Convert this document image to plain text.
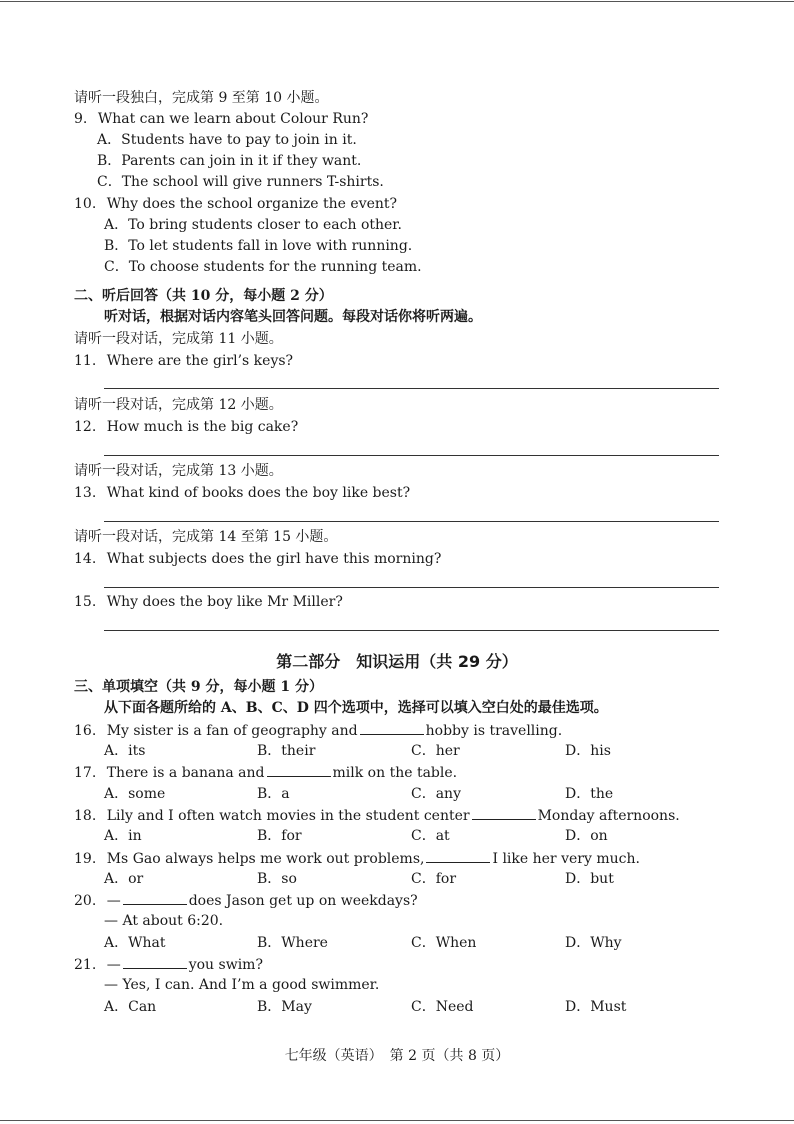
请听一段独白，完成第 9 至第 10 小题。
9. What can we learn about Colour Run?
A．Students have to pay to join in it.
B．Parents can join in it if they want.
C．The school will give runners T-shirts.
10. Why does the school organize the event?
A．To bring students closer to each other.
B．To let students fall in love with running.
C．To choose students for the running team.
二、听后回答（共 10 分，每小题 2 分）
听对话，根据对话内容笔头回答问题。每段对话你将听两遍。
请听一段对话，完成第 11 小题。
11. Where are the girl’s keys?
请听一段对话，完成第 12 小题。
12. How much is the big cake?
请听一段对话，完成第 13 小题。
13. What kind of books does the boy like best?
请听一段对话，完成第 14 至第 15 小题。
14. What subjects does the girl have this morning?
15. Why does the boy like Mr Miller?
第二部分　知识运用（共 29 分）
三、单项填空（共 9 分，每小题 1 分）
从下面各题所给的 A、B、C、D 四个选项中，选择可以填入空白处的最佳选项。
16. My sister is a fan of geography and	hobby is travelling.
A．its	B．their	C．her	D．his
17. There is a banana and	milk on the table.
A．some	B．a	C．any	D．the
18. Lily and I often watch movies in the student center	Monday afternoons.
A．in	B．for	C．at	D．on
19. Ms Gao always helps me work out problems,	I like her very much.
A．or	B．so	C．for	D．but
20. —	does Jason get up on weekdays?
— At about 6:20.
A．What	B．Where	C．When	D．Why
21. —	you swim?
— Yes, I can. And I’m a good swimmer.
A．Can	B．May	C．Need	D．Must
七年级（英语）　第 2 页（共 8 页）
